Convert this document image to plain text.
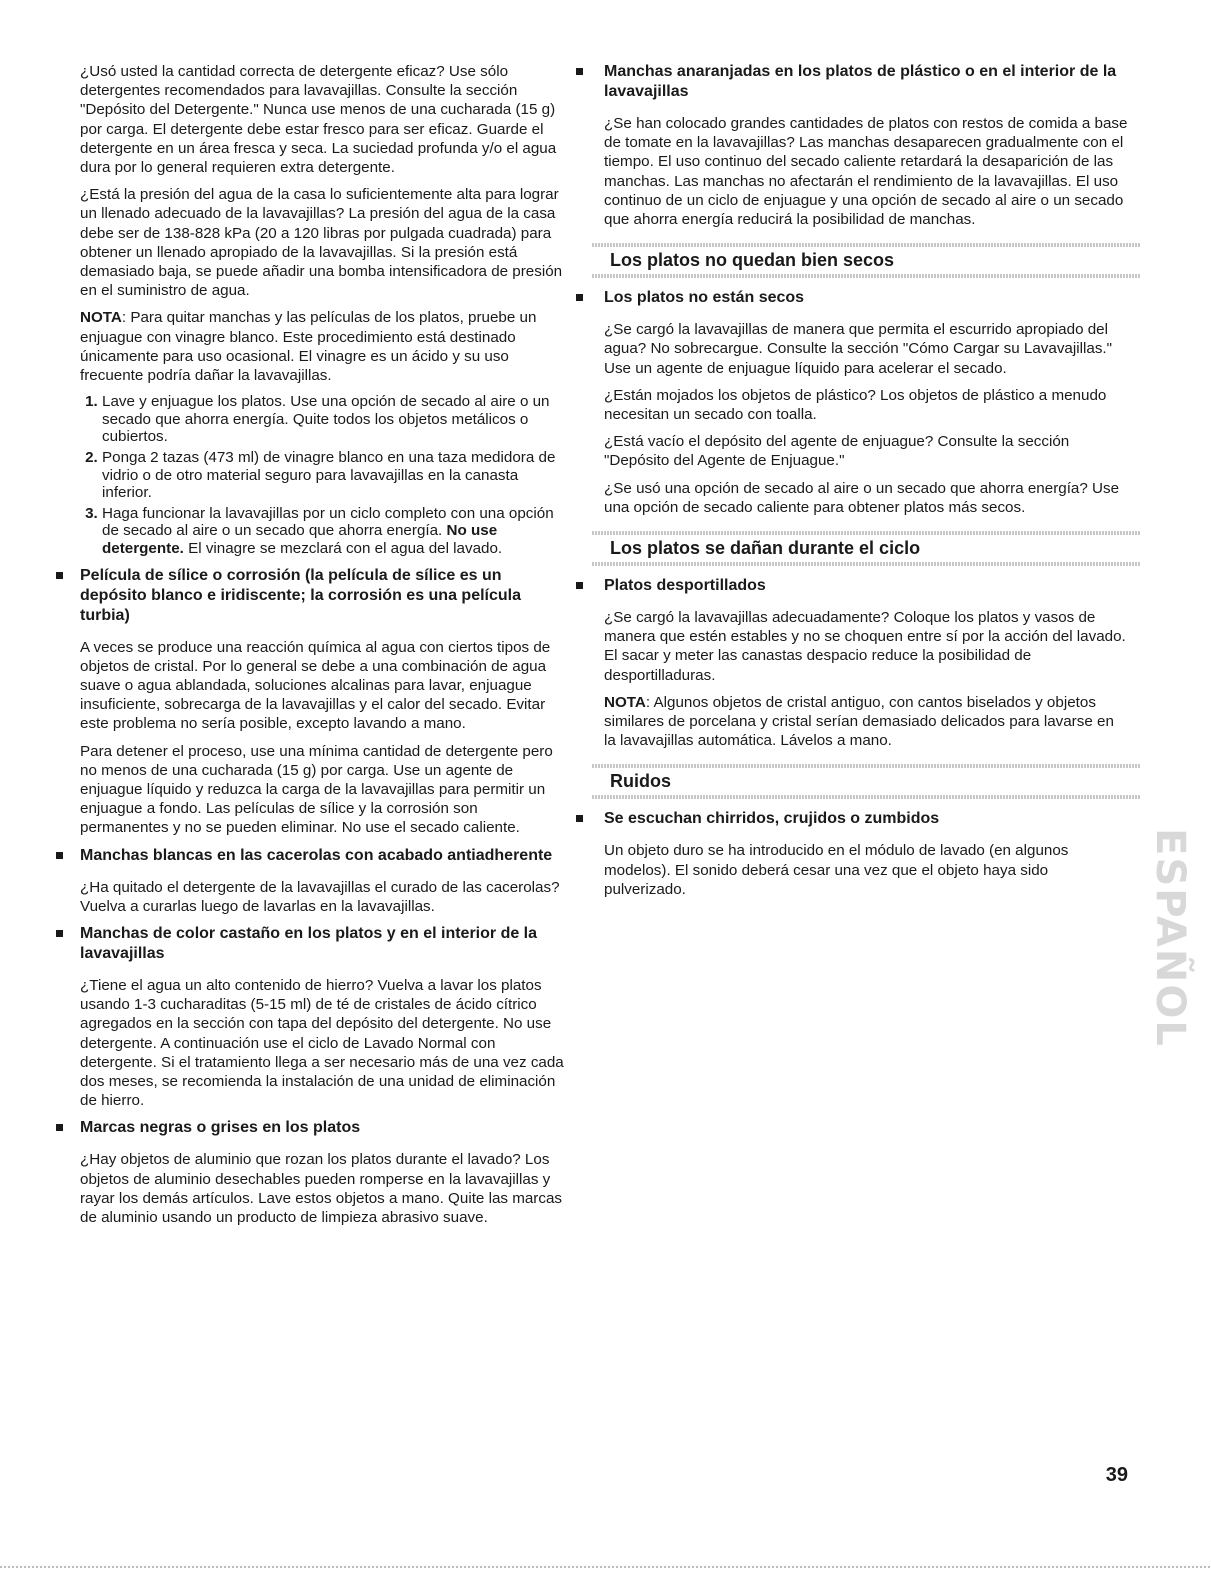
¿Usó usted la cantidad correcta de detergente eficaz? Use sólo detergentes recomendados para lavavajillas. Consulte la sección "Depósito del Detergente." Nunca use menos de una cucharada (15 g) por carga. El detergente debe estar fresco para ser eficaz. Guarde el detergente en un área fresca y seca. La suciedad profunda y/o el agua dura por lo general requieren extra detergente.

¿Está la presión del agua de la casa lo suficientemente alta para lograr un llenado adecuado de la lavavajillas? La presión del agua de la casa debe ser de 138-828 kPa (20 a 120 libras por pulgada cuadrada) para obtener un llenado apropiado de la lavavajillas. Si la presión está demasiado baja, se puede añadir una bomba intensificadora de presión en el suministro de agua.

NOTA: Para quitar manchas y las películas de los platos, pruebe un enjuague con vinagre blanco. Este procedimiento está destinado únicamente para uso ocasional. El vinagre es un ácido y su uso frecuente podría dañar la lavavajillas.

1. Lave y enjuague los platos. Use una opción de secado al aire o un secado que ahorra energía. Quite todos los objetos metálicos o cubiertos.
2. Ponga 2 tazas (473 ml) de vinagre blanco en una taza medidora de vidrio o de otro material seguro para lavavajillas en la canasta inferior.
3. Haga funcionar la lavavajillas por un ciclo completo con una opción de secado al aire o un secado que ahorra energía. No use detergente. El vinagre se mezclará con el agua del lavado.
Película de sílice o corrosión (la película de sílice es un depósito blanco e iridiscente; la corrosión es una película turbia)

A veces se produce una reacción química al agua con ciertos tipos de objetos de cristal. Por lo general se debe a una combinación de agua suave o agua ablandada, soluciones alcalinas para lavar, enjuague insuficiente, sobrecarga de la lavavajillas y el calor del secado. Evitar este problema no sería posible, excepto lavando a mano.

Para detener el proceso, use una mínima cantidad de detergente pero no menos de una cucharada (15 g) por carga. Use un agente de enjuague líquido y reduzca la carga de la lavavajillas para permitir un enjuague a fondo. Las películas de sílice y la corrosión son permanentes y no se pueden eliminar. No use el secado caliente.

Manchas blancas en las cacerolas con acabado antiadherente

¿Ha quitado el detergente de la lavavajillas el curado de las cacerolas? Vuelva a curarlas luego de lavarlas en la lavavajillas.

Manchas de color castaño en los platos y en el interior de la lavavajillas

¿Tiene el agua un alto contenido de hierro? Vuelva a lavar los platos usando 1-3 cucharaditas (5-15 ml) de té de cristales de ácido cítrico agregados en la sección con tapa del depósito del detergente. No use detergente. A continuación use el ciclo de Lavado Normal con detergente. Si el tratamiento llega a ser necesario más de una vez cada dos meses, se recomienda la instalación de una unidad de eliminación de hierro.

Marcas negras o grises en los platos

¿Hay objetos de aluminio que rozan los platos durante el lavado? Los objetos de aluminio desechables pueden romperse en la lavavajillas y rayar los demás artículos. Lave estos objetos a mano. Quite las marcas de aluminio usando un producto de limpieza abrasivo suave.

Manchas anaranjadas en los platos de plástico o en el interior de la lavavajillas

¿Se han colocado grandes cantidades de platos con restos de comida a base de tomate en la lavavajillas? Las manchas desaparecen gradualmente con el tiempo. El uso continuo del secado caliente retardará la desaparición de las manchas. Las manchas no afectarán el rendimiento de la lavavajillas. El uso continuo de un ciclo de enjuague y una opción de secado al aire o un secado que ahorra energía reducirá la posibilidad de manchas.

Los platos no quedan bien secos
Los platos no están secos

¿Se cargó la lavavajillas de manera que permita el escurrido apropiado del agua? No sobrecargue. Consulte la sección "Cómo Cargar su Lavavajillas." Use un agente de enjuague líquido para acelerar el secado.

¿Están mojados los objetos de plástico? Los objetos de plástico a menudo necesitan un secado con toalla.

¿Está vacío el depósito del agente de enjuague? Consulte la sección "Depósito del Agente de Enjuague."

¿Se usó una opción de secado al aire o un secado que ahorra energía? Use una opción de secado caliente para obtener platos más secos.

Los platos se dañan durante el ciclo
Platos desportillados

¿Se cargó la lavavajillas adecuadamente? Coloque los platos y vasos de manera que estén estables y no se choquen entre sí por la acción del lavado. El sacar y meter las canastas despacio reduce la posibilidad de desportilladuras.

NOTA: Algunos objetos de cristal antiguo, con cantos biselados y objetos similares de porcelana y cristal serían demasiado delicados para lavarse en la lavavajillas automática. Lávelos a mano.

Ruidos
Se escuchan chirridos, crujidos o zumbidos

Un objeto duro se ha introducido en el módulo de lavado (en algunos modelos). El sonido deberá cesar una vez que el objeto haya sido pulverizado.	ESPAÑOL
39
